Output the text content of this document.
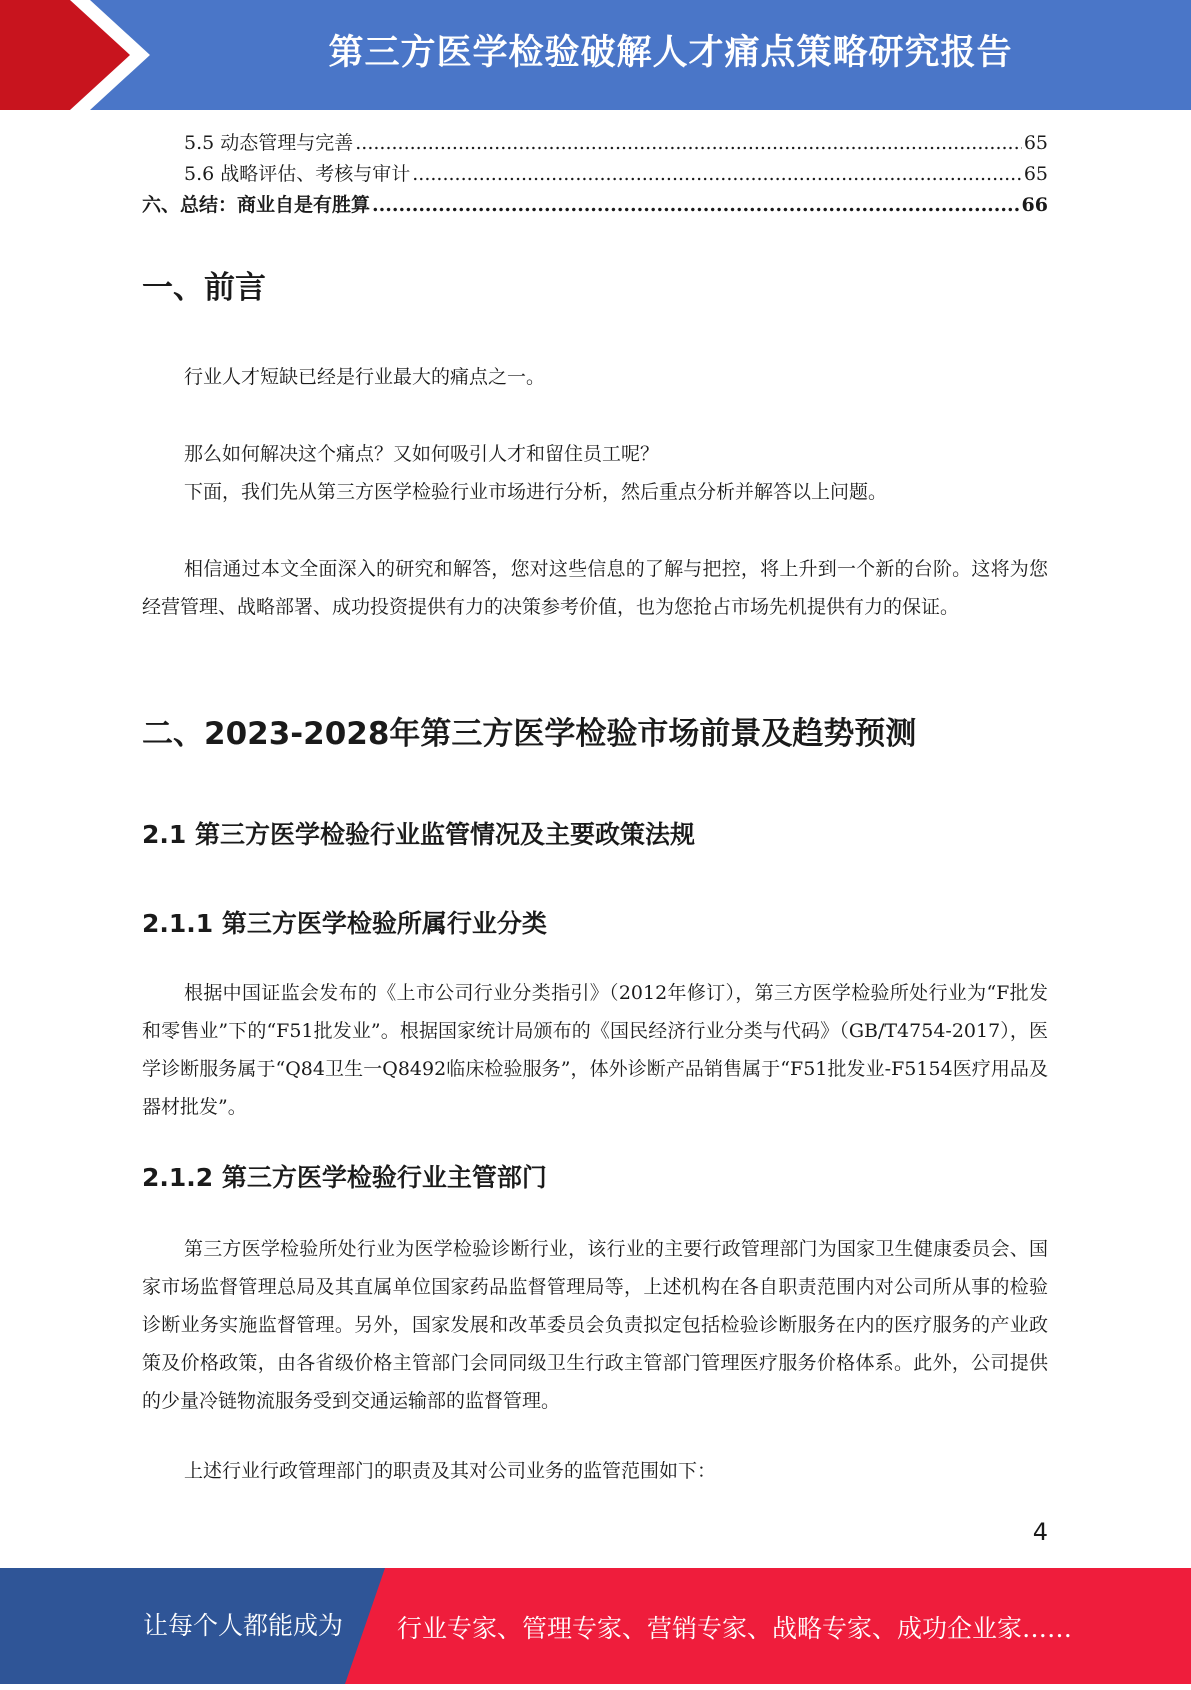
第三方医学检验破解人才痛点策略研究报告
5.5 动态管理与完善 .....	65
5.6 战略评估、考核与审计 .....	65
六、总结：商业自是有胜算 .....	66
一、前言

行业人才短缺已经是行业最大的痛点之一。

那么如何解决这个痛点？又如何吸引人才和留住员工呢？

下面，我们先从第三方医学检验行业市场进行分析，然后重点分析并解答以上问题。

相信通过本文全面深入的研究和解答，您对这些信息的了解与把控，将上升到一个新的台阶。这将为您经营管理、战略部署、成功投资提供有力的决策参考价值，也为您抢占市场先机提供有力的保证。

二、2023-2028年第三方医学检验市场前景及趋势预测
2.1 第三方医学检验行业监管情况及主要政策法规
2.1.1 第三方医学检验所属行业分类

根据中国证监会发布的《上市公司行业分类指引》（2012年修订），第三方医学检验所处行业为“F批发和零售业”下的“F51批发业”。根据国家统计局颁布的《国民经济行业分类与代码》（GB/T4754-2017），医学诊断服务属于“Q84卫生一Q8492临床检验服务”，体外诊断产品销售属于“F51批发业-F5154医疗用品及器材批发”。

2.1.2 第三方医学检验行业主管部门

第三方医学检验所处行业为医学检验诊断行业，该行业的主要行政管理部门为国家卫生健康委员会、国家市场监督管理总局及其直属单位国家药品监督管理局等，上述机构在各自职责范围内对公司所从事的检验诊断业务实施监督管理。另外，国家发展和改革委员会负责拟定包括检验诊断服务在内的医疗服务的产业政策及价格政策，由各省级价格主管部门会同同级卫生行政主管部门管理医疗服务价格体系。此外，公司提供的少量冷链物流服务受到交通运输部的监督管理。

上述行业行政管理部门的职责及其对公司业务的监管范围如下：

4
让每个人都能成为 行业专家、管理专家、营销专家、战略专家、成功企业家……
